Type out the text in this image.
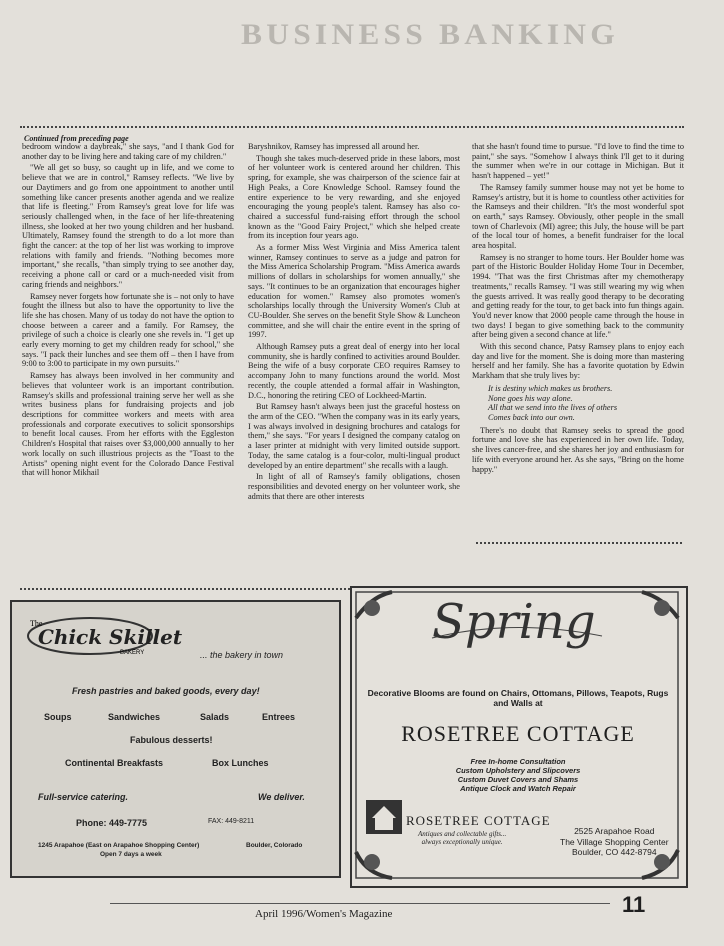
BUSINESS BANKING
Continued from preceding page

bedroom window a daybreak," she says, "and I thank God for another day to be living here and taking care of my children."

"We all get so busy, so caught up in life, and we come to believe that we are in control," Ramsey reflects. "We live by our Daytimers and go from one appointment to another until something like cancer presents another agenda and we realize that life is fleeting." From Ramsey's great love for life was seriously challenged when, in the face of her life-threatening illness, she looked at her two young children and her husband. Ultimately, Ramsey found the strength to do a lot more than fight the cancer: at the top of her list was working to improve relations with family and friends. "Nothing becomes more important," she recalls, "than simply trying to see another day, receiving a phone call or card or a much-needed visit from caring friends and neighbors."

Ramsey never forgets how fortunate she is – not only to have fought the illness but also to have the opportunity to live the life she has chosen. Many of us today do not have the option to choose between a career and a family. For Ramsey, the privilege of such a choice is clearly one she revels in. "I get up early every morning to get my children ready for school," she says. "I pack their lunches and see them off – then I have from 9:00 to 3:00 to participate in my own pursuits."

Ramsey has always been involved in her community and believes that volunteer work is an important contribution. Ramsey's skills and professional training serve her well as she writes business plans for fundraising projects and job descriptions for committee workers and meets with area professionals and corporate executives to solicit sponsorships to benefit local causes. From her efforts with the Eggleston Children's Hospital that raises over $3,000,000 annually to her work locally on such illustrious projects as the "Toast to the Artists" opening night event for the Colorado Dance Festival that will honor Mikhail

Baryshnikov, Ramsey has impressed all around her.

Though she takes much-deserved pride in these labors, most of her volunteer work is centered around her children. This spring, for example, she was chairperson of the science fair at High Peaks, a Core Knowledge School. Ramsey found the entire experience to be very rewarding, and she enjoyed encouraging the young people's talent. Ramsey has also co-chaired a successful fund-raising effort through the school known as the "Good Fairy Project," which she helped create from its inception four years ago.

As a former Miss West Virginia and Miss America talent winner, Ramsey continues to serve as a judge and patron for the Miss America Scholarship Program. "Miss America awards millions of dollars in scholarships for women annually," she says. "It continues to be an organization that encourages higher education for women." Ramsey also promotes women's scholarships locally through the University Women's Club at CU-Boulder. She serves on the benefit Style Show & Luncheon committee, and she will chair the entire event in the spring of 1997.

Although Ramsey puts a great deal of energy into her local community, she is hardly confined to activities around Boulder. Being the wife of a busy corporate CEO requires Ramsey to accompany John to many functions around the world. Most recently, the couple attended a formal affair in Washington, D.C., honoring the retiring CEO of Lockheed-Martin.

But Ramsey hasn't always been just the graceful hostess on the arm of the CEO. "When the company was in its early years, I was always involved in designing brochures and catalogs for them," she says. "For years I designed the company catalog on a laser printer at midnight with very limited outside support. Today, the same catalog is a four-color, multi-lingual product developed by an entire department" she recalls with a laugh.

In light of all of Ramsey's family obligations, chosen responsibilities and devoted energy on her volunteer work, she admits that there are other interests

that she hasn't found time to pursue. "I'd love to find the time to paint," she says. "Somehow I always think I'll get to it during the summer when we're in our cottage in Michigan. But it hasn't happened – yet!"

The Ramsey family summer house may not yet be home to Ramsey's artistry, but it is home to countless other activities for the Ramseys and their children. "It's the most wonderful spot on earth," says Ramsey. Obviously, other people in the small town of Charlevoix (MI) agree; this July, the house will be part of the local tour of homes, a benefit fundraiser for the local area hospital.

Ramsey is no stranger to home tours. Her Boulder home was part of the Historic Boulder Holiday Home Tour in December, 1994. "That was the first Christmas after my chemotherapy treatments," recalls Ramsey. "I was still wearing my wig when the guests arrived. It was really good therapy to be decorating and getting ready for the tour, to get back into fun things again. You'd never know that 2000 people came through the house in two days! I began to give something back to the community after being given a second chance at life."

With this second chance, Patsy Ramsey plans to enjoy each day and live for the moment. She is doing more than mastering herself and her family. She has a favorite quotation by Edwin Markham that she truly lives by:

It is destiny which makes us brothers.
None goes his way alone.
All that we send into the lives of others
Comes back into our own.

There's no doubt that Ramsey seeks to spread the good fortune and love she has experienced in her own life. Today, she lives cancer-free, and she shares her joy and enthusiasm for life with everyone around her. As she says, "Bring on the home happy."

The
Chick Skillet
BAKERY	... the bakery in town
Fresh pastries and baked goods, every day!
Soups	Sandwiches	Salads	Entrees
Fabulous desserts!
Continental Breakfasts	Box Lunches
Full-service catering.	We deliver.
Phone: 449-7775	FAX: 449-8211
1245 Arapahoe (East on Arapahoe Shopping Center)
Open 7 days a week
Boulder, Colorado
Spring
Decorative Blooms are found on Chairs, Ottomans, Pillows, Teapots, Rugs and Walls at
ROSETREE COTTAGE
Free In-home Consultation
Custom Upholstery and Slipcovers
Custom Duvet Covers and Shams
Antique Clock and Watch Repair
ROSETREE COTTAGE
Antiques and collectable gifts...
always exceptionally unique.
2525 Arapahoe Road
The Village Shopping Center
Boulder, CO 442-8794
April 1996/Women's Magazine	11
